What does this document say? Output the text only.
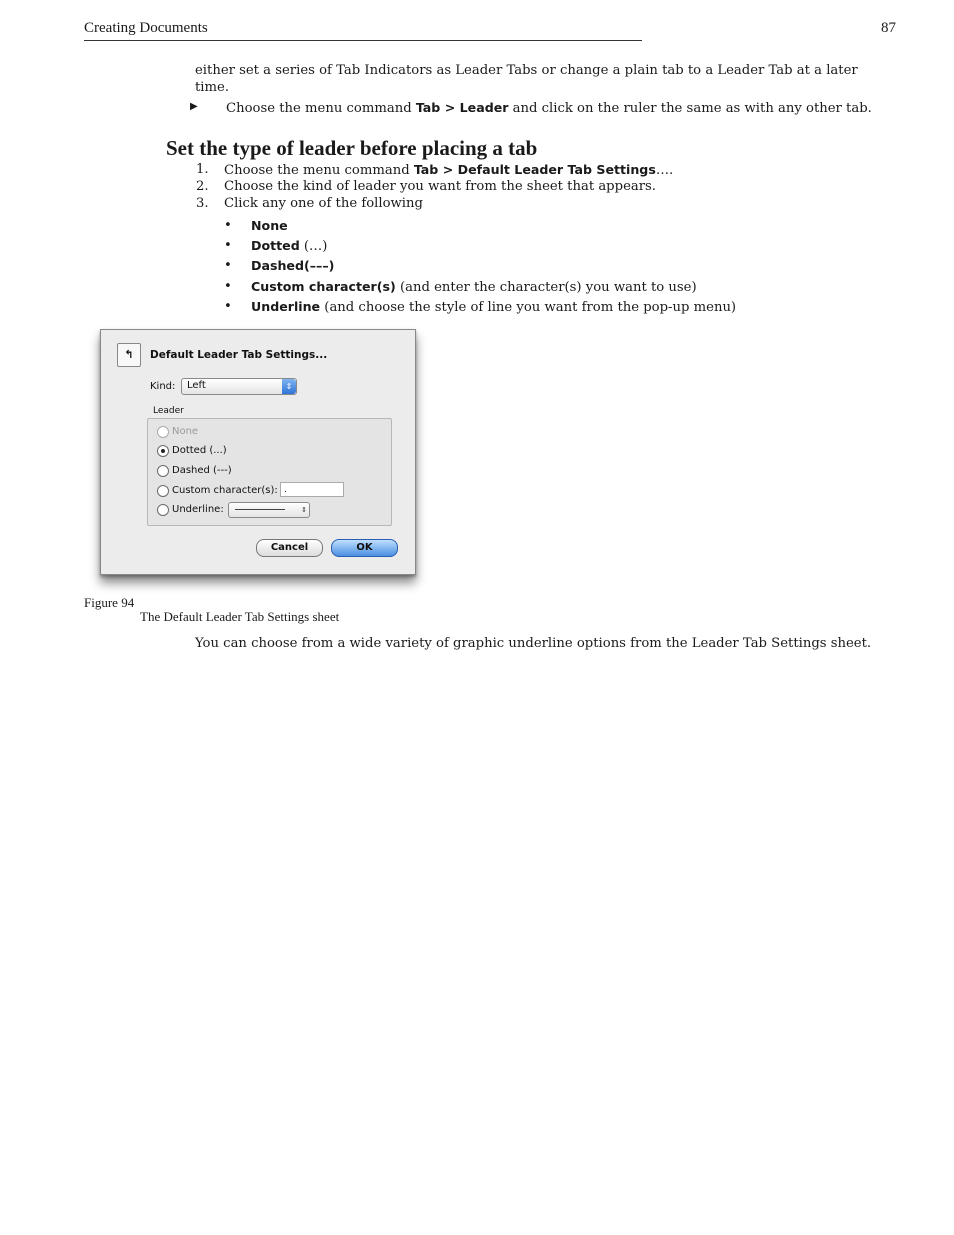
Creating Documents	87
either set a series of Tab Indicators as Leader Tabs or change a plain tab to a Leader Tab at a later time.
▶ Choose the menu command Tab > Leader and click on the ruler the same as with any other tab.
Set the type of leader before placing a tab
1. Choose the menu command Tab > Default Leader Tab Settings….
2. Choose the kind of leader you want from the sheet that appears.
3. Click any one of the following
• None
• Dotted (…)
• Dashed(–––)
• Custom character(s) (and enter the character(s) you want to use)
• Underline (and choose the style of line you want from the pop-up menu)
↰	Default Leader Tab Settings...
Kind: Left	⇕
Leader
None
Dotted (...)
Dashed (---)
Custom character(s): .
Underline:	⇕
Cancel	OK
Figure 94
The Default Leader Tab Settings sheet
You can choose from a wide variety of graphic underline options from the Leader Tab Settings sheet.
